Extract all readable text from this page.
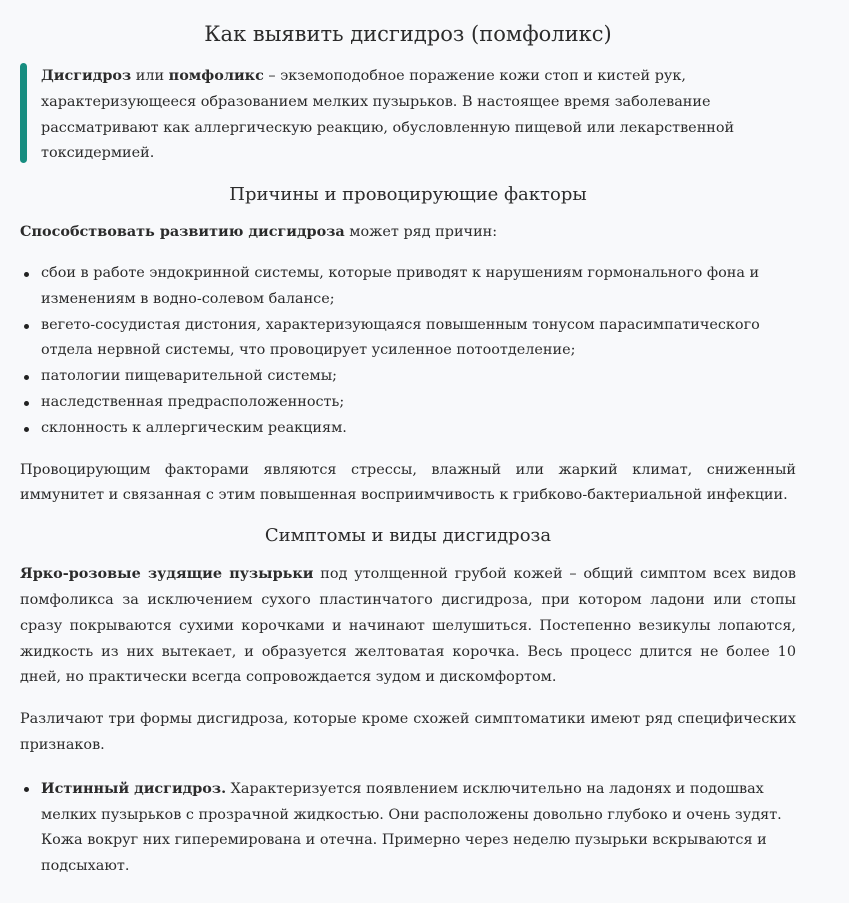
Как выявить дисгидроз (помфоликс)

Дисгидроз или помфоликс – экземоподобное поражение кожи стоп и кистей рук, характеризующееся образованием мелких пузырьков. В настоящее время заболевание рассматривают как аллергическую реакцию, обусловленную пищевой или лекарственной токсидермией.

Причины и провоцирующие факторы

Способствовать развитию дисгидроза может ряд причин:

сбои в работе эндокринной системы, которые приводят к нарушениям гормонального фона и изменениям в водно-солевом балансе;
вегето-сосудистая дистония, характеризующаяся повышенным тонусом парасимпатического отдела нервной системы, что провоцирует усиленное потоотделение;
патологии пищеварительной системы;
наследственная предрасположенность;
склонность к аллергическим реакциям.

Провоцирующим факторами являются стрессы, влажный или жаркий климат, сниженный иммунитет и связанная с этим повышенная восприимчивость к грибково-бактериальной инфекции.

Симптомы и виды дисгидроза

Ярко-розовые зудящие пузырьки под утолщенной грубой кожей – общий симптом всех видов помфоликса за исключением сухого пластинчатого дисгидроза, при котором ладони или стопы сразу покрываются сухими корочками и начинают шелушиться. Постепенно везикулы лопаются, жидкость из них вытекает, и образуется желтоватая корочка. Весь процесс длится не более 10 дней, но практически всегда сопровождается зудом и дискомфортом.

Различают три формы дисгидроза, которые кроме схожей симптоматики имеют ряд специфических признаков.

Истинный дисгидроз. Характеризуется появлением исключительно на ладонях и подошвах мелких пузырьков с прозрачной жидкостью. Они расположены довольно глубоко и очень зудят. Кожа вокруг них гиперемирована и отечна. Примерно через неделю пузырьки вскрываются и подсыхают.
